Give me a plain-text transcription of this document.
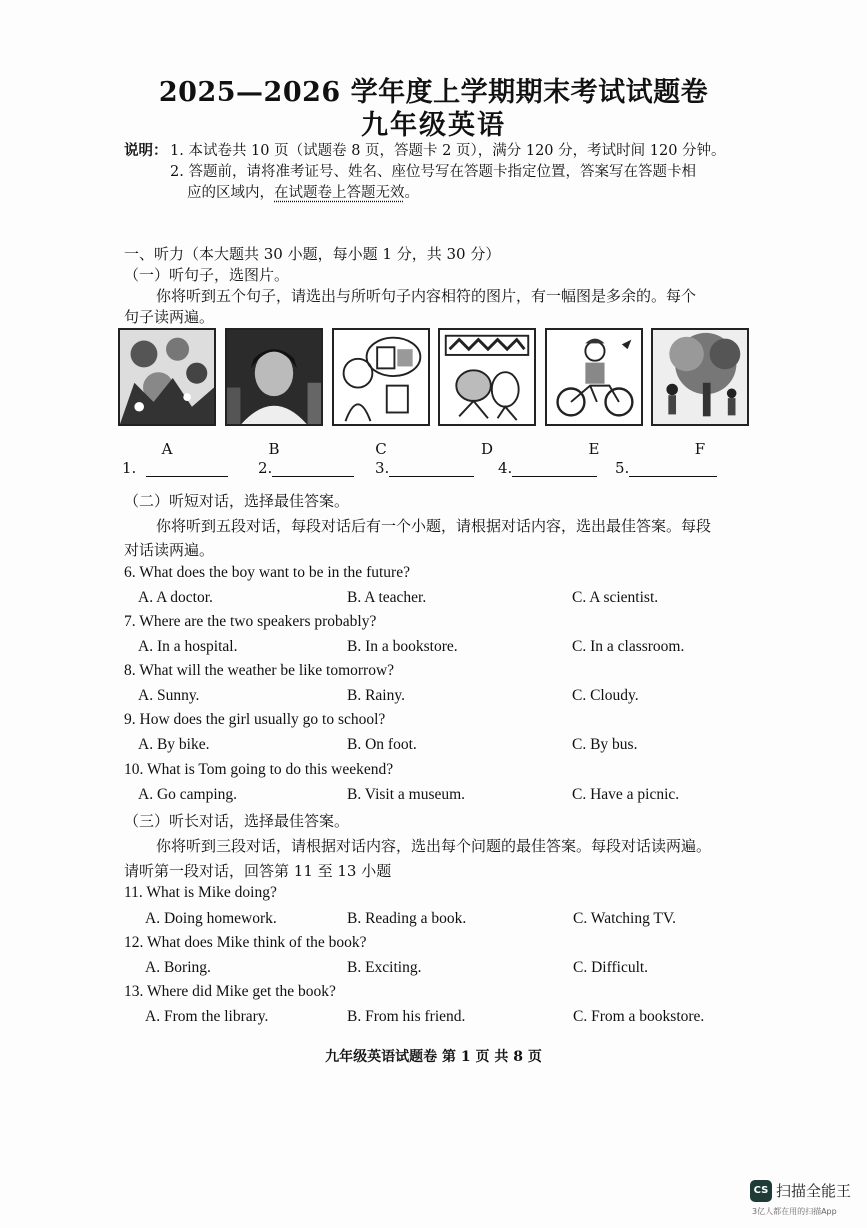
2025—2026 学年度上学期期末考试试题卷
九年级英语
说明： 1. 本试卷共 10 页（试题卷 8 页，答题卡 2 页），满分 120 分，考试时间 120 分钟。
2. 答题前，请将准考证号、姓名、座位号写在答题卡指定位置，答案写在答题卡相
应的区域内，在试题卷上答题无效。
一、听力（本大题共 30 小题，每小题 1 分，共 30 分）
（一）听句子，选图片。
你将听到五个句子，请选出与所听句子内容相符的图片，有一幅图是多余的。每个
句子读两遍。
A	B	C	D	E	F
1.	2.	3.	4.	5.
（二）听短对话，选择最佳答案。
你将听到五段对话，每段对话后有一个小题，请根据对话内容，选出最佳答案。每段
对话读两遍。
6. What does the boy want to be in the future?
A. A doctor.	B. A teacher.	C. A scientist.
7. Where are the two speakers probably?
A. In a hospital.	B. In a bookstore.	C. In a classroom.
8. What will the weather be like tomorrow?
A. Sunny.	B. Rainy.	C. Cloudy.
9. How does the girl usually go to school?
A. By bike.	B. On foot.	C. By bus.
10. What is Tom going to do this weekend?
A. Go camping.	B. Visit a museum.	C. Have a picnic.
（三）听长对话，选择最佳答案。
你将听到三段对话，请根据对话内容，选出每个问题的最佳答案。每段对话读两遍。
请听第一段对话，回答第 11 至 13 小题
11. What is Mike doing?
A. Doing homework.	B. Reading a book.	C. Watching TV.
12. What does Mike think of the book?
A. Boring.	B. Exciting.	C. Difficult.
13. Where did Mike get the book?
A. From the library.	B. From his friend.	C. From a bookstore.
九年级英语试题卷 第 1 页 共 8 页
CS 扫描全能王
3亿人都在用的扫描App
